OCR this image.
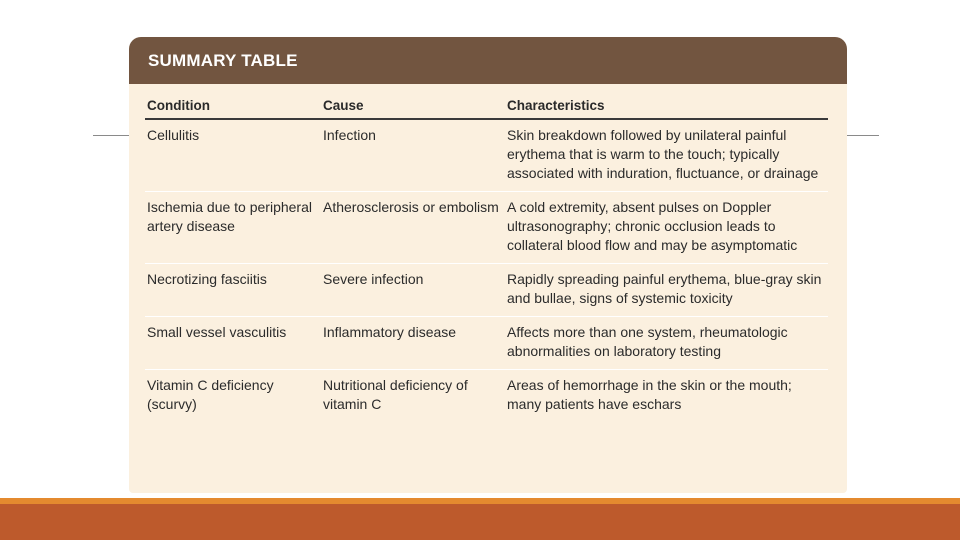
SUMMARY TABLE
Condition	Cause	Characteristics
Cellulitis	Infection	Skin breakdown followed by unilateral painful erythema that is warm to the touch; typically associated with induration, fluctuance, or drainage
Ischemia due to peripheral artery disease	Atherosclerosis or embolism	A cold extremity, absent pulses on Doppler ultrasonography; chronic occlusion leads to collateral blood flow and may be asymptomatic
Necrotizing fasciitis	Severe infection	Rapidly spreading painful erythema, blue-gray skin and bullae, signs of systemic toxicity
Small vessel vasculitis	Inflammatory disease	Affects more than one system, rheumatologic abnormalities on laboratory testing
Vitamin C deficiency (scurvy)	Nutritional deficiency of vitamin C	Areas of hemorrhage in the skin or the mouth; many patients have eschars
